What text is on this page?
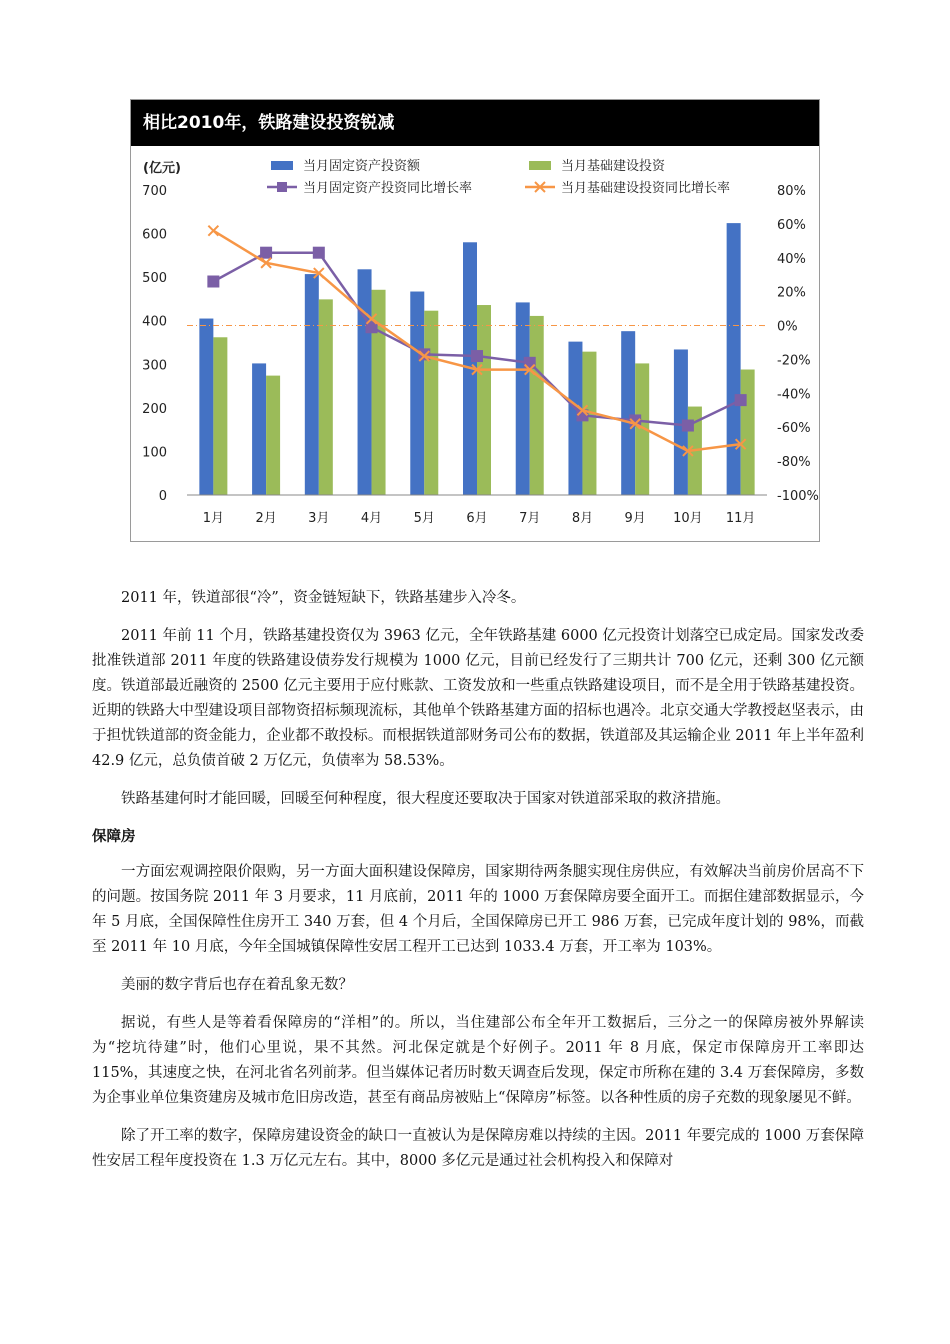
相比2010年，铁路建设投资锐减
(亿元)
700
600
500
400
300
200
100
0
80%
60%
40%
20%
0%
-20%
-40%
-60%
-80%
-100%
1月 2月 3月 4月 5月 6月 7月 8月 9月 10月 11月
当月固定资产投资额	当月基础建设投资
当月固定资产投资同比增长率	当月基础建设投资同比增长率

2011 年，铁道部很“冷”，资金链短缺下，铁路基建步入冷冬。

2011 年前 11 个月，铁路基建投资仅为 3963 亿元，全年铁路基建 6000 亿元投资计划落空已成定局。国家发改委批准铁道部 2011 年度的铁路建设债券发行规模为 1000 亿元，目前已经发行了三期共计 700 亿元，还剩 300 亿元额度。铁道部最近融资的 2500 亿元主要用于应付账款、工资发放和一些重点铁路建设项目，而不是全用于铁路基建投资。近期的铁路大中型建设项目部物资招标频现流标，其他单个铁路基建方面的招标也遇冷。北京交通大学教授赵坚表示，由于担忧铁道部的资金能力，企业都不敢投标。而根据铁道部财务司公布的数据，铁道部及其运输企业 2011 年上半年盈利 42.9 亿元，总负债首破 2 万亿元，负债率为 58.53%。

铁路基建何时才能回暖，回暖至何种程度，很大程度还要取决于国家对铁道部采取的救济措施。

保障房

一方面宏观调控限价限购，另一方面大面积建设保障房，国家期待两条腿实现住房供应，有效解决当前房价居高不下的问题。按国务院 2011 年 3 月要求，11 月底前，2011 年的 1000 万套保障房要全面开工。而据住建部数据显示，今年 5 月底，全国保障性住房开工 340 万套，但 4 个月后，全国保障房已开工 986 万套，已完成年度计划的 98%，而截至 2011 年 10 月底，今年全国城镇保障性安居工程开工已达到 1033.4 万套，开工率为 103%。

美丽的数字背后也存在着乱象无数？

据说，有些人是等着看保障房的“洋相”的。所以，当住建部公布全年开工数据后，三分之一的保障房被外界解读为“挖坑待建”时，他们心里说，果不其然。河北保定就是个好例子。2011 年 8 月底，保定市保障房开工率即达 115%，其速度之快，在河北省名列前茅。但当媒体记者历时数天调查后发现，保定市所称在建的 3.4 万套保障房，多数为企事业单位集资建房及城市危旧房改造，甚至有商品房被贴上“保障房”标签。以各种性质的房子充数的现象屡见不鲜。

除了开工率的数字，保障房建设资金的缺口一直被认为是保障房难以持续的主因。2011 年要完成的 1000 万套保障性安居工程年度投资在 1.3 万亿元左右。其中，8000 多亿元是通过社会机构投入和保障对
